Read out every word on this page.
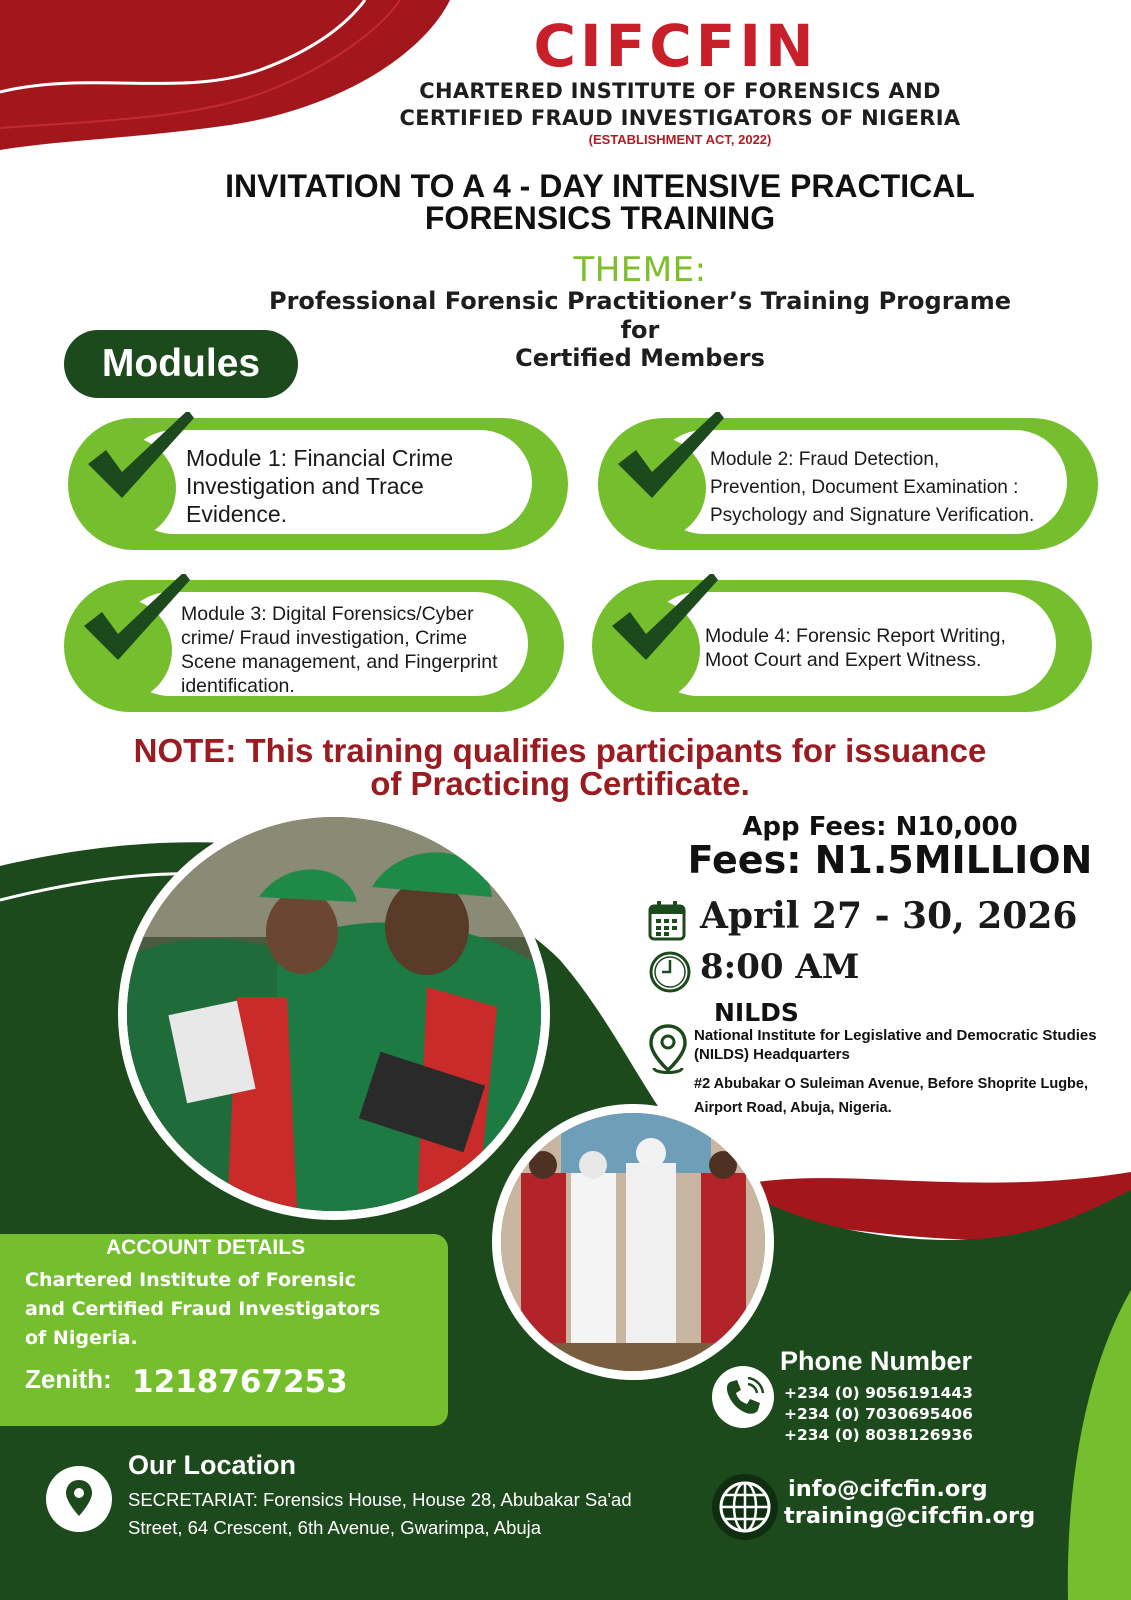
CIFCFIN
CHARTERED INSTITUTE OF FORENSICS AND
CERTIFIED FRAUD INVESTIGATORS OF NIGERIA
(ESTABLISHMENT ACT, 2022)
INVITATION TO A 4 - DAY INTENSIVE PRACTICAL
FORENSICS TRAINING
THEME:
Professional Forensic Practitioner’s Training Programe
for
Certified Members
Modules
Module 1: Financial Crime
Investigation and Trace
Evidence.
Module 2: Fraud Detection,
Prevention, Document Examination :
Psychology and Signature Verification.
Module 3: Digital Forensics/Cyber
crime/ Fraud investigation, Crime
Scene management, and Fingerprint
identification.
Module 4: Forensic Report Writing,
Moot Court and Expert Witness.
NOTE: This training qualifies participants for issuance
of Practicing Certificate.
App Fees: N10,000
Fees: N1.5MILLION
April 27 - 30, 2026
8:00 AM
NILDS
National Institute for Legislative and Democratic Studies
(NILDS) Headquarters
#2 Abubakar O Suleiman Avenue, Before Shoprite Lugbe,
Airport Road, Abuja, Nigeria.
ACCOUNT DETAILS
Chartered Institute of Forensic
and Certified Fraud Investigators
of Nigeria.
Zenith: 1218767253
Our Location
SECRETARIAT: Forensics House, House 28, Abubakar Sa'ad
Street, 64 Crescent, 6th Avenue, Gwarimpa, Abuja
Phone Number
+234 (0) 9056191443
+234 (0) 7030695406
+234 (0) 8038126936
info@cifcfin.org
training@cifcfin.org
